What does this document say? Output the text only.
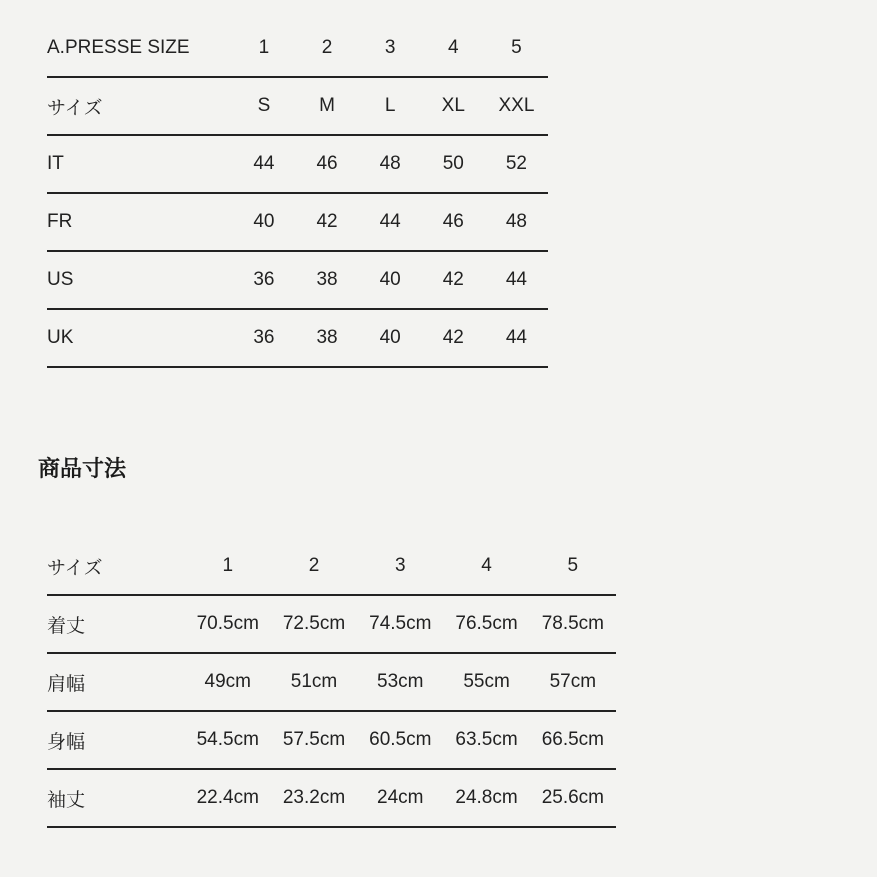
A.PRESSE SIZE	1	2	3	4	5
サイズ	S	M	L	XL	XXL
IT	44	46	48	50	52
FR	40	42	44	46	48
US	36	38	40	42	44
UK	36	38	40	42	44
商品寸法
サイズ	1	2	3	4	5
着丈	70.5cm	72.5cm	74.5cm	76.5cm	78.5cm
肩幅	49cm	51cm	53cm	55cm	57cm
身幅	54.5cm	57.5cm	60.5cm	63.5cm	66.5cm
袖丈	22.4cm	23.2cm	24cm	24.8cm	25.6cm
